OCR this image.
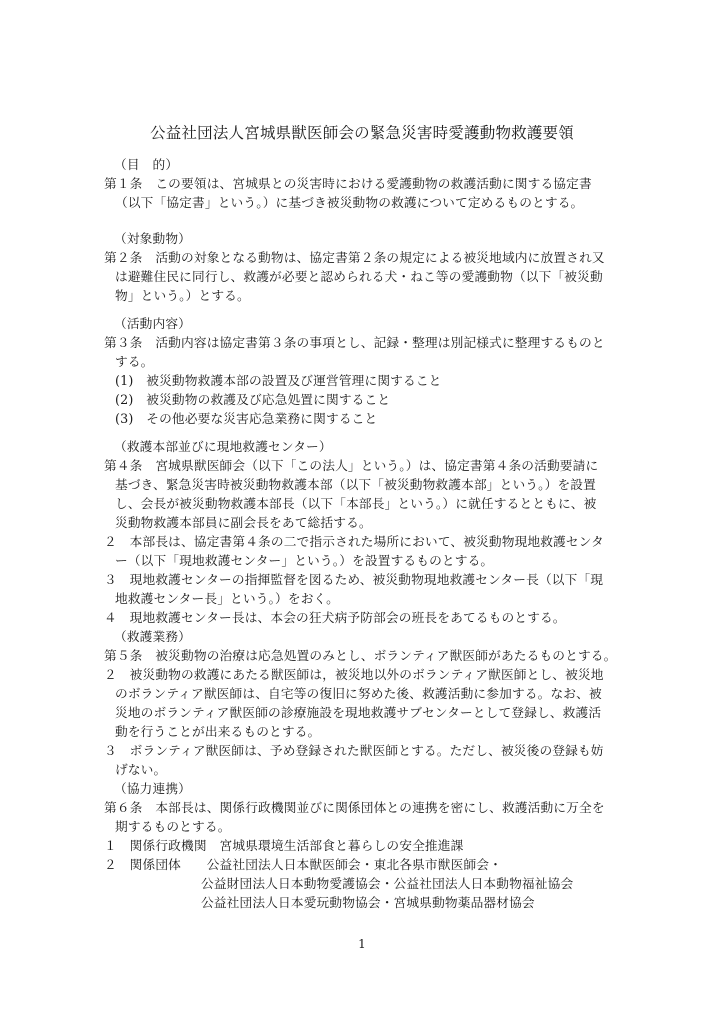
公益社団法人宮城県獣医師会の緊急災害時愛護動物救護要領
（目　的）
第１条　この要領は、宮城県との災害時における愛護動物の救護活動に関する協定書
（以下「協定書」という。）に基づき被災動物の救護について定めるものとする。
（対象動物）
第２条　活動の対象となる動物は、協定書第２条の規定による被災地域内に放置され又
は避難住民に同行し、救護が必要と認められる犬・ねこ等の愛護動物（以下「被災動
物」という。）とする。
（活動内容）
第３条　活動内容は協定書第３条の事項とし、記録・整理は別記様式に整理するものと
する。
(1)　被災動物救護本部の設置及び運営管理に関すること
(2)　被災動物の救護及び応急処置に関すること
(3)　その他必要な災害応急業務に関すること
（救護本部並びに現地救護センター）
第４条　宮城県獣医師会（以下「この法人」という。）は、協定書第４条の活動要請に
基づき、緊急災害時被災動物救護本部（以下「被災動物救護本部」という。）を設置
し、会長が被災動物救護本部長（以下「本部長」という。）に就任するとともに、被
災動物救護本部員に副会長をあて総括する。
２　本部長は、協定書第４条の二で指示された場所において、被災動物現地救護センタ
ー（以下「現地救護センター」という。）を設置するものとする。
３　現地救護センターの指揮監督を図るため、被災動物現地救護センター長（以下「現
地救護センター長」という。）をおく。
４　現地救護センター長は、本会の狂犬病予防部会の班長をあてるものとする。
（救護業務）
第５条　被災動物の治療は応急処置のみとし、ボランティア獣医師があたるものとする。
２　被災動物の救護にあたる獣医師は，被災地以外のボランティア獣医師とし、被災地
のボランティア獣医師は、自宅等の復旧に努めた後、救護活動に参加する。なお、被
災地のボランティア獣医師の診療施設を現地救護サブセンターとして登録し、救護活
動を行うことが出来るものとする。
３　ボランティア獣医師は、予め登録された獣医師とする。ただし、被災後の登録も妨
げない。
（協力連携）
第６条　本部長は、関係行政機関並びに関係団体との連携を密にし、救護活動に万全を
期するものとする。
１　関係行政機関　宮城県環境生活部食と暮らしの安全推進課
２　関係団体　　公益社団法人日本獣医師会・東北各県市獣医師会・
公益財団法人日本動物愛護協会・公益社団法人日本動物福祉協会
公益社団法人日本愛玩動物協会・宮城県動物薬品器材協会
1
